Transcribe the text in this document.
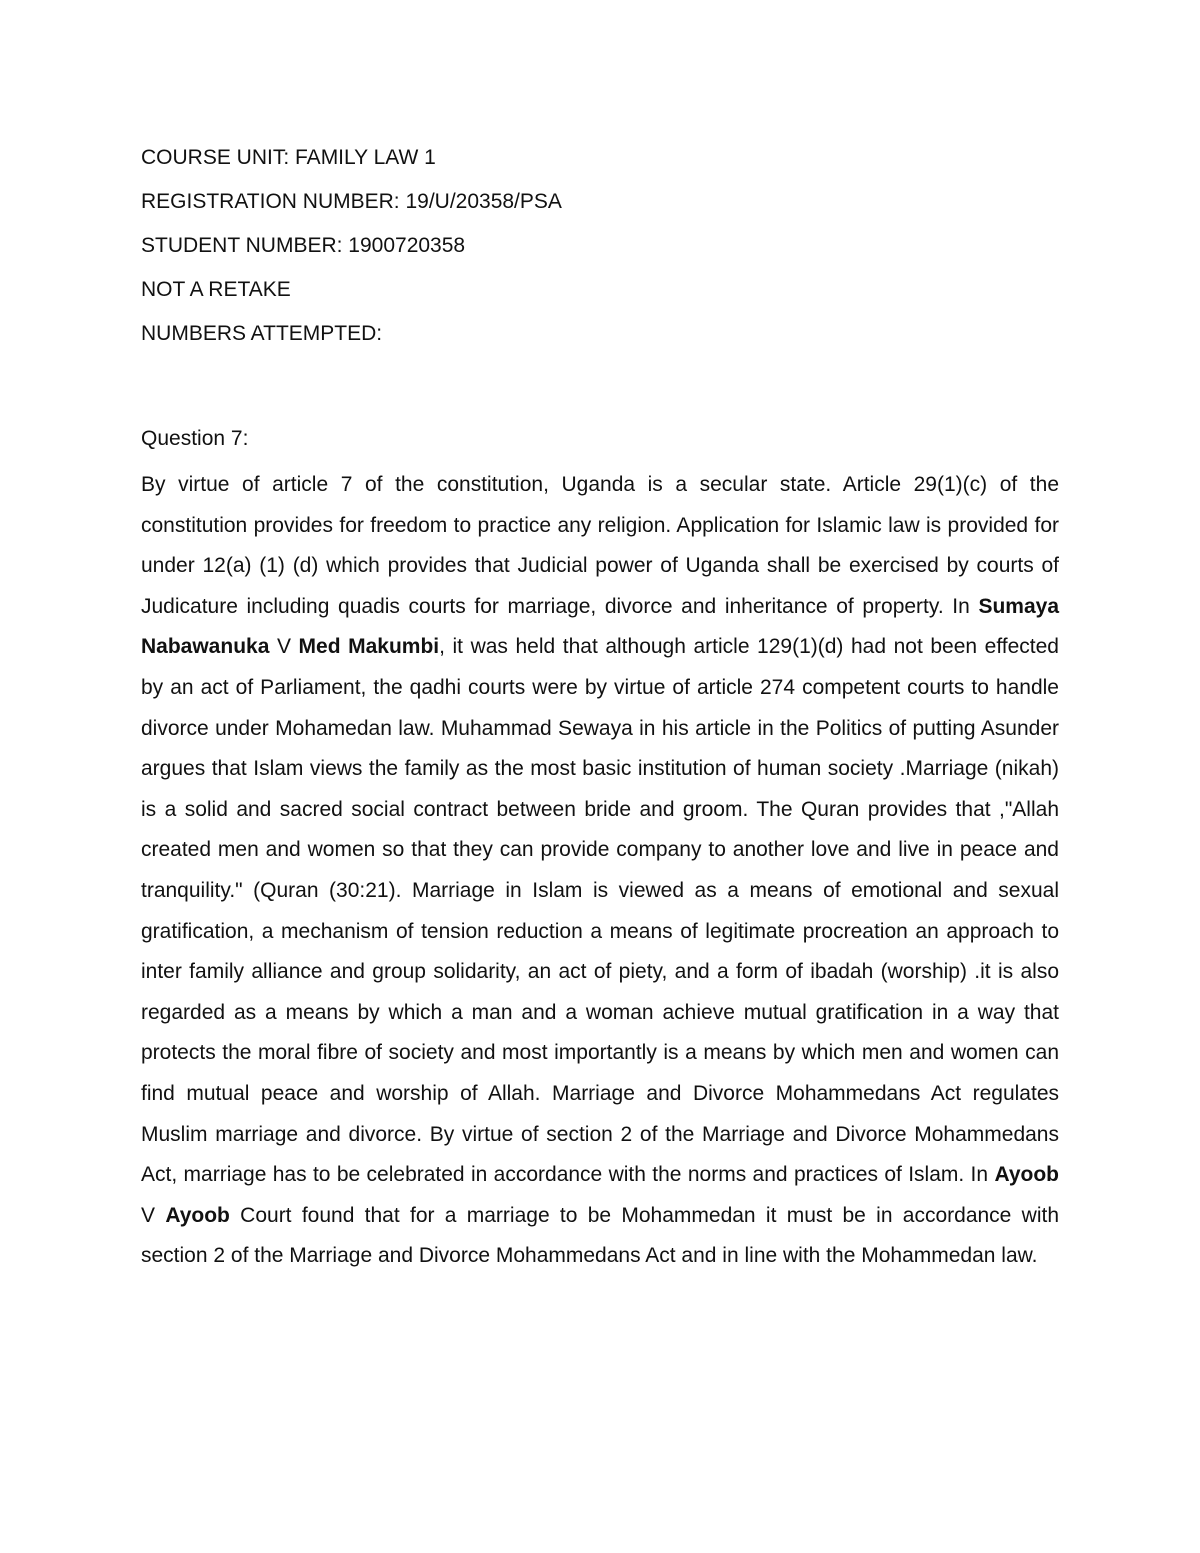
COURSE UNIT: FAMILY LAW 1
REGISTRATION NUMBER: 19/U/20358/PSA
STUDENT NUMBER: 1900720358
NOT A RETAKE
NUMBERS ATTEMPTED:
Question 7:

By virtue of article 7 of the constitution, Uganda is a secular state. Article 29(1)(c) of the constitution provides for freedom to practice any religion. Application for Islamic law is provided for under 12(a) (1) (d) which provides that Judicial power of Uganda shall be exercised by courts of Judicature including quadis courts for marriage, divorce and inheritance of property. In Sumaya Nabawanuka V Med Makumbi, it was held that although article 129(1)(d) had not been effected by an act of Parliament, the qadhi courts were by virtue of article 274 competent courts to handle divorce under Mohamedan law. Muhammad Sewaya in his article in the Politics of putting Asunder argues that Islam views the family as the most basic institution of human society .Marriage (nikah) is a solid and sacred social contract between bride and groom. The Quran provides that ,"Allah created men and women so that they can provide company to another love and live in peace and tranquility." (Quran (30:21). Marriage in Islam is viewed as a means of emotional and sexual gratification, a mechanism of tension reduction a means of legitimate procreation an approach to inter family alliance and group solidarity, an act of piety, and a form of ibadah (worship) .it is also regarded as a means by which a man and a woman achieve mutual gratification in a way that protects the moral fibre of society and most importantly is a means by which men and women can find mutual peace and worship of Allah. Marriage and Divorce Mohammedans Act regulates Muslim marriage and divorce. By virtue of section 2 of the Marriage and Divorce Mohammedans Act, marriage has to be celebrated in accordance with the norms and practices of Islam. In Ayoob V Ayoob Court found that for a marriage to be Mohammedan it must be in accordance with section 2 of the Marriage and Divorce Mohammedans Act and in line with the Mohammedan law.
